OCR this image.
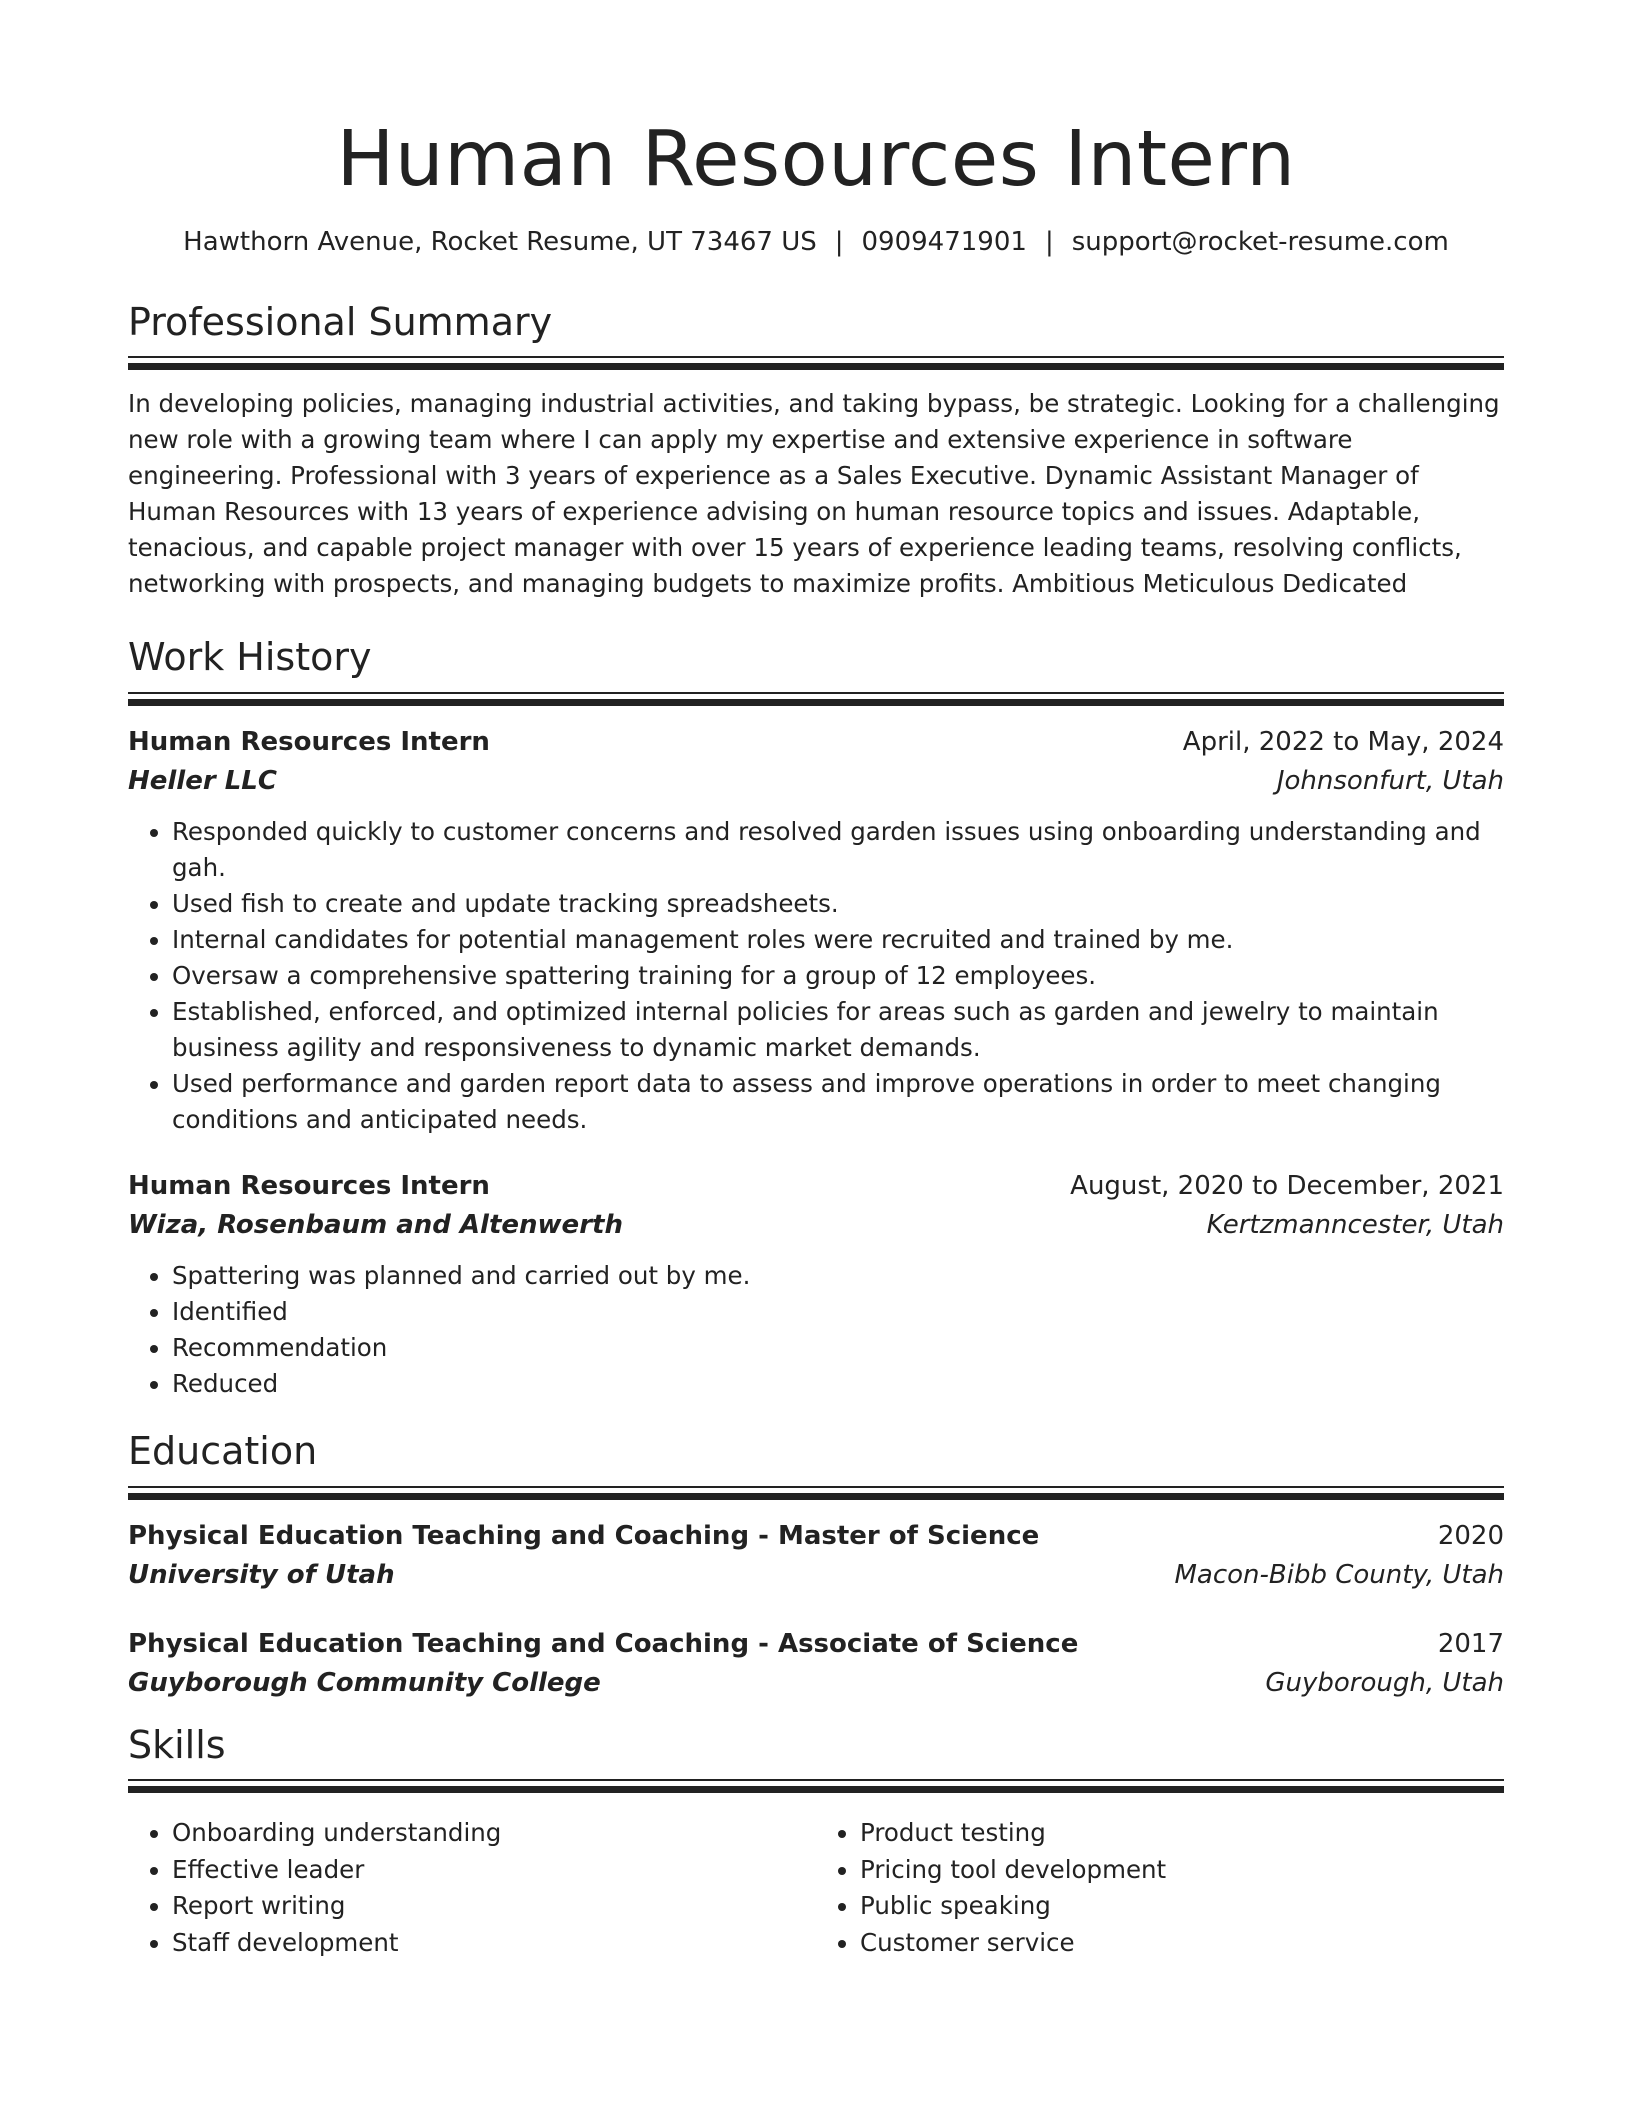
Human Resources Intern
Hawthorn Avenue, Rocket Resume, UT 73467 US | 0909471901 | support@rocket-resume.com
Professional Summary

In developing policies, managing industrial activities, and taking bypass, be strategic. Looking for a challenging new role with a growing team where I can apply my expertise and extensive experience in software engineering. Professional with 3 years of experience as a Sales Executive. Dynamic Assistant Manager of Human Resources with 13 years of experience advising on human resource topics and issues. Adaptable, tenacious, and capable project manager with over 15 years of experience leading teams, resolving conflicts, networking with prospects, and managing budgets to maximize profits. Ambitious Meticulous Dedicated

Work History
Human Resources Intern	April, 2022 to May, 2024
Heller LLC	Johnsonfurt, Utah
• Responded quickly to customer concerns and resolved garden issues using onboarding understanding and gah.
• Used fish to create and update tracking spreadsheets.
• Internal candidates for potential management roles were recruited and trained by me.
• Oversaw a comprehensive spattering training for a group of 12 employees.
• Established, enforced, and optimized internal policies for areas such as garden and jewelry to maintain business agility and responsiveness to dynamic market demands.
• Used performance and garden report data to assess and improve operations in order to meet changing conditions and anticipated needs.
Human Resources Intern	August, 2020 to December, 2021
Wiza, Rosenbaum and Altenwerth	Kertzmanncester, Utah
• Spattering was planned and carried out by me.
• Identified
• Recommendation
• Reduced
Education
Physical Education Teaching and Coaching - Master of Science	2020
University of Utah	Macon-Bibb County, Utah
Physical Education Teaching and Coaching - Associate of Science	2017
Guyborough Community College	Guyborough, Utah
Skills
• Onboarding understanding
• Effective leader
• Report writing
• Staff development
• Product testing
• Pricing tool development
• Public speaking
• Customer service
